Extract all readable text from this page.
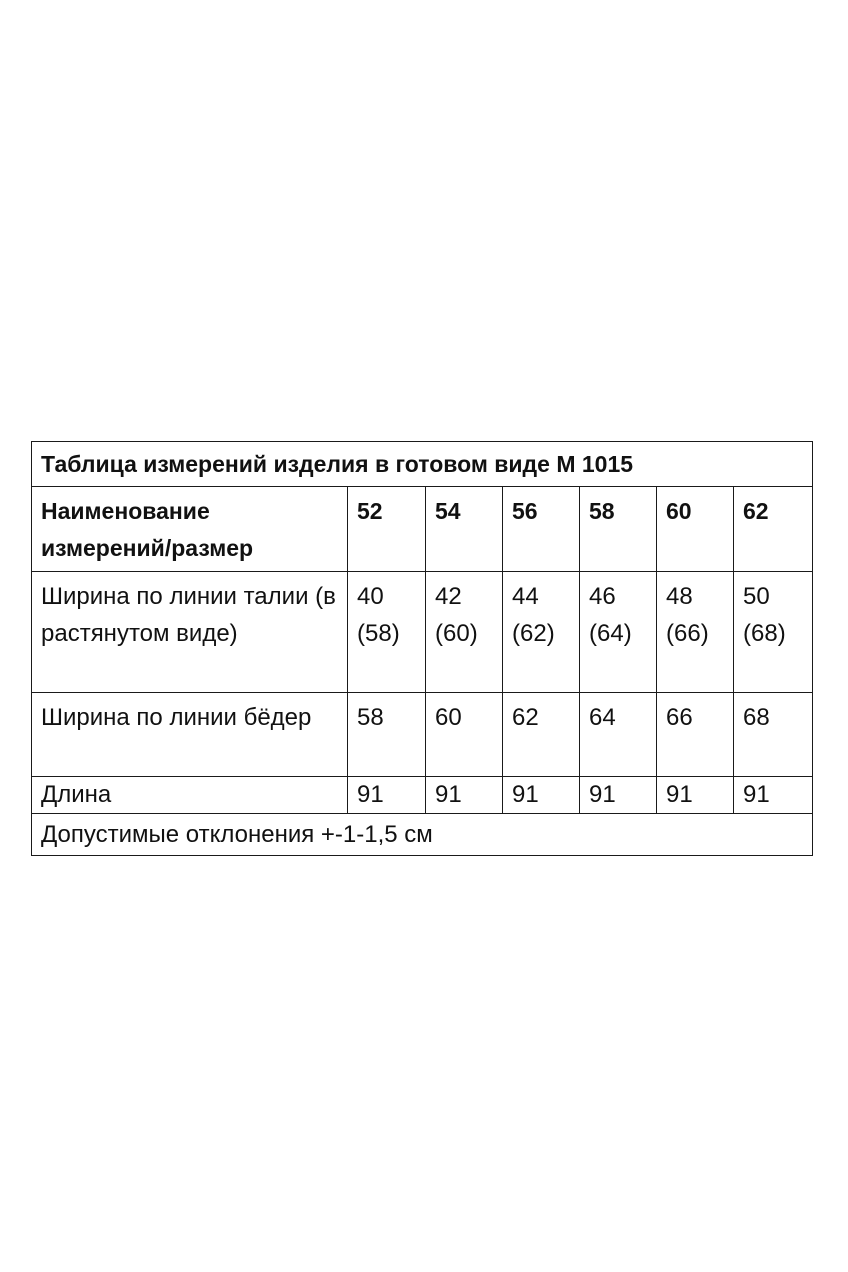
Таблица измерений изделия в готовом виде М 1015						
Наименование измерений/размер	52	54	56	58	60	62
Ширина по линии талии (в растянутом виде)	40 (58)	42 (60)	44 (62)	46 (64)	48 (66)	50 (68)
Ширина по линии бёдер	58	60	62	64	66	68
Длина	91	91	91	91	91	91
Допустимые отклонения +-1-1,5 см						
